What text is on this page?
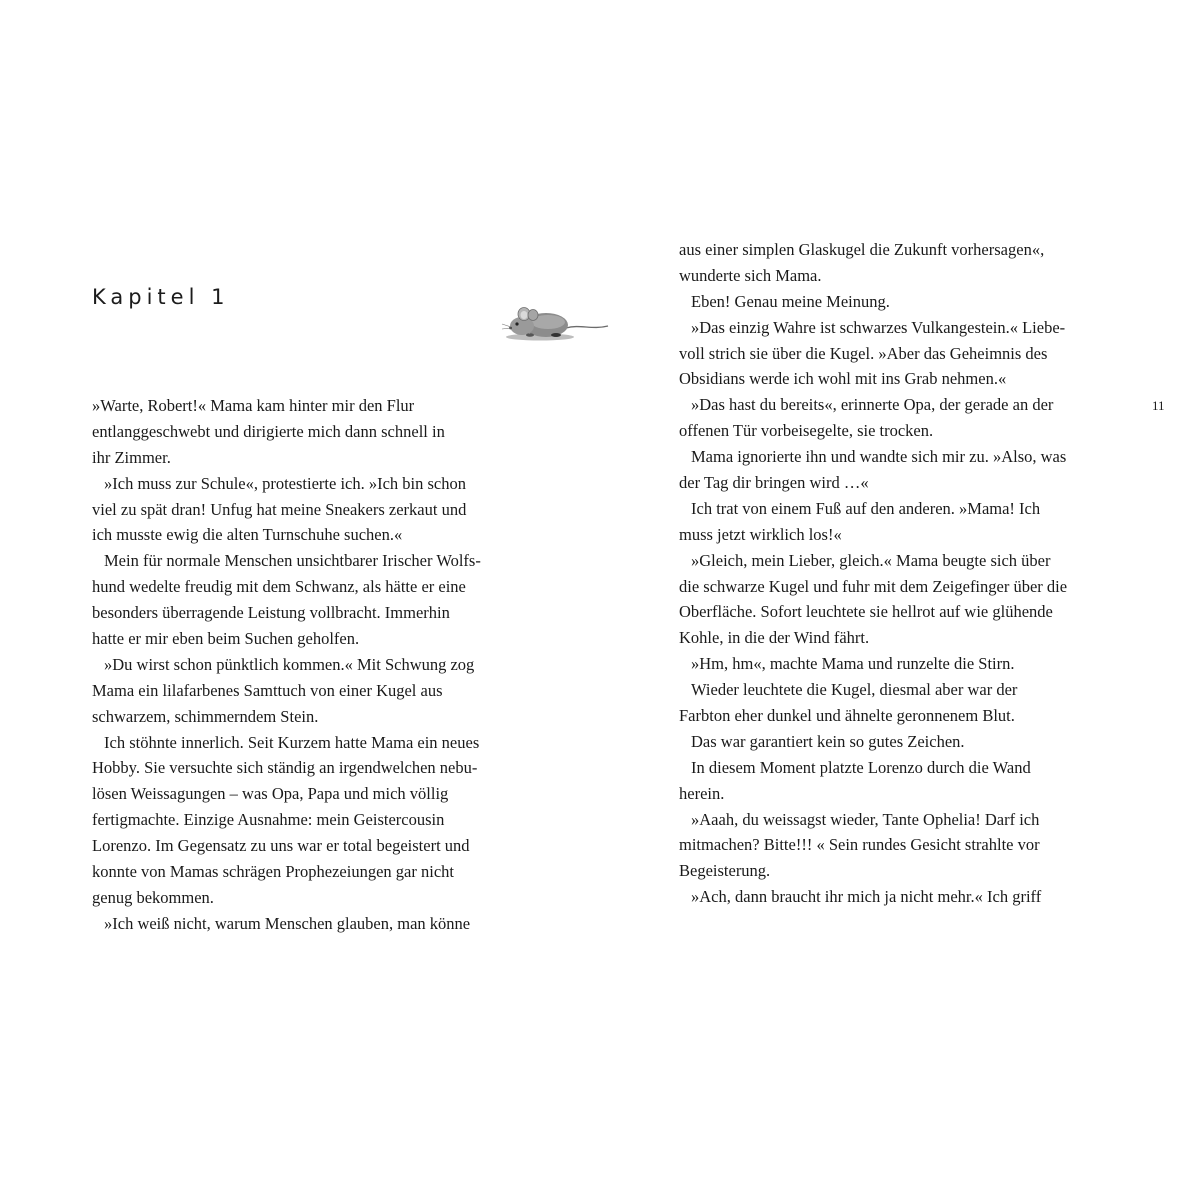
Kapitel 1
»Warte, Robert!« Mama kam hinter mir den Flur
entlanggeschwebt und dirigierte mich dann schnell in
ihr Zimmer.
»Ich muss zur Schule«, protestierte ich. »Ich bin schon
viel zu spät dran! Unfug hat meine Sneakers zerkaut und
ich musste ewig die alten Turnschuhe suchen.«
Mein für normale Menschen unsichtbarer Irischer Wolfs-
hund wedelte freudig mit dem Schwanz, als hätte er eine
besonders überragende Leistung vollbracht. Immerhin
hatte er mir eben beim Suchen geholfen.
»Du wirst schon pünktlich kommen.« Mit Schwung zog
Mama ein lilafarbenes Samttuch von einer Kugel aus
schwarzem, schimmerndem Stein.
Ich stöhnte innerlich. Seit Kurzem hatte Mama ein neues
Hobby. Sie versuchte sich ständig an irgendwelchen nebu-
lösen Weissagungen – was Opa, Papa und mich völlig
fertigmachte. Einzige Ausnahme: mein Geistercousin
Lorenzo. Im Gegensatz zu uns war er total begeistert und
konnte von Mamas schrägen Prophezeiungen gar nicht
genug bekommen.
»Ich weiß nicht, warum Menschen glauben, man könne
aus einer simplen Glaskugel die Zukunft vorhersagen«,
wunderte sich Mama.
Eben! Genau meine Meinung.
»Das einzig Wahre ist schwarzes Vulkangestein.« Liebe-
voll strich sie über die Kugel. »Aber das Geheimnis des
Obsidians werde ich wohl mit ins Grab nehmen.«
»Das hast du bereits«, erinnerte Opa, der gerade an der
offenen Tür vorbeisegelte, sie trocken.
Mama ignorierte ihn und wandte sich mir zu. »Also, was
der Tag dir bringen wird …«
Ich trat von einem Fuß auf den anderen. »Mama! Ich
muss jetzt wirklich los!«
»Gleich, mein Lieber, gleich.« Mama beugte sich über
die schwarze Kugel und fuhr mit dem Zeigefinger über die
Oberfläche. Sofort leuchtete sie hellrot auf wie glühende
Kohle, in die der Wind fährt.
»Hm, hm«, machte Mama und runzelte die Stirn.
Wieder leuchtete die Kugel, diesmal aber war der
Farbton eher dunkel und ähnelte geronnenem Blut.
Das war garantiert kein so gutes Zeichen.
In diesem Moment platzte Lorenzo durch die Wand
herein.
»Aaah, du weissagst wieder, Tante Ophelia! Darf ich
mitmachen? Bitte!!! « Sein rundes Gesicht strahlte vor
Begeisterung.
»Ach, dann braucht ihr mich ja nicht mehr.« Ich griff
11
